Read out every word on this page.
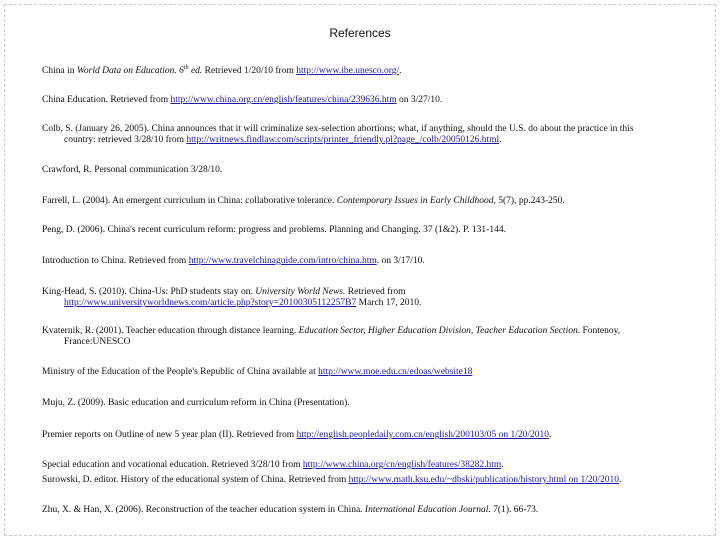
References
China in World Data on Education. 6th ed. Retrieved 1/20/10 from http://www.ibe.unesco.org/.
China Education. Retrieved from http://www.china.org.cn/english/features/china/239636.htm on 3/27/10.
Colb, S. (January 26, 2005). China announces that it will criminalize sex-selection abortions; what, if anything, should the U.S. do about the practice in this
country: retrieved 3/28/10 from http://writnews.findlaw.com/scripts/printer_friendly.pl?page_/colb/20050126.html.
Crawford, R. Personal communication 3/28/10.
Farrell, L. (2004). An emergent curriculum in China: collaborative tolerance. Contemporary Issues in Early Childhood, 5(7), pp.243-250.
Peng, D. (2006). China's recent curriculum reform: progress and problems. Planning and Changing. 37 (1&2). P. 131-144.
Introduction to China. Retrieved from http://www.travelchinaguide.com/intro/china.htm. on 3/17/10.
King-Head, S. (2010). China-Us: PhD students stay on. University World News. Retrieved from
http://www.universityworldnews.com/article.php?story=20100305112257B7 March 17, 2010.
Kvaternik, R. (2001). Teacher education through distance learning. Education Sector, Higher Education Division, Teacher Education Section. Fontenoy,
France:UNESCO
Ministry of the Education of the People's Republic of China available at http://www.moe.edu.cn/edoas/website18
Muju, Z. (2009). Basic education and curriculum reform in China (Presentation).
Premier reports on Outline of new 5 year plan (II). Retrieved from http://english.peopledaily.com.cn/english/200103/05 on 1/20/2010.
Special education and vocational education. Retrieved 3/28/10 from http://www.china.org/cn/english/features/38282.htm.
Surowski, D. editor. History of the educational system of China. Retrieved from http://www.math.ksu.edu/~dbski/publication/history.html on 1/20/2010.
Zhu, X. & Han, X. (2006). Reconstruction of the teacher education system in China. International Education Journal. 7(1). 66-73.
